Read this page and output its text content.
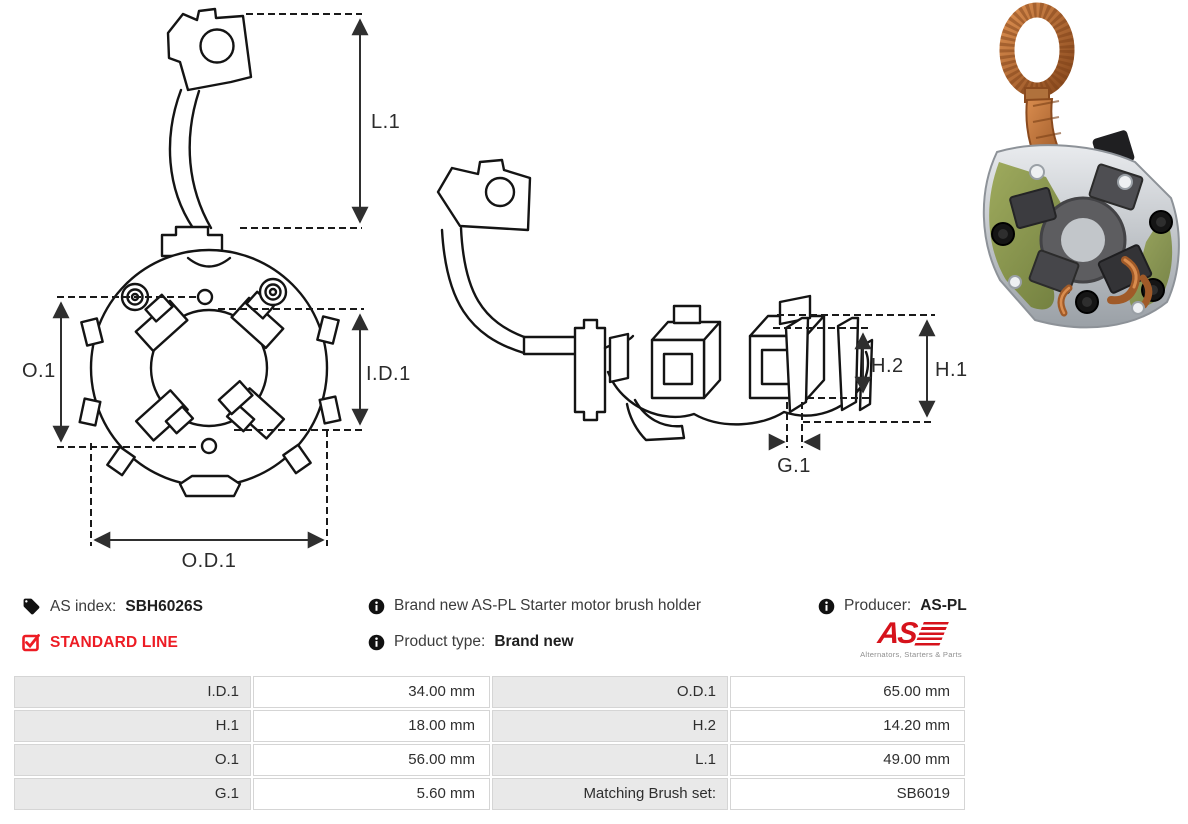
L.1
O.1	I.D.1
O.D.1
H.2 H.1
G.1
AS index: SBH6026S	Brand new AS-PL Starter motor brush holder	Producer: AS-PL
STANDARD LINE	Product type: Brand new	AS
Alternators, Starters & Parts
I.D.1	34.00 mm	O.D.1	65.00 mm
H.1	18.00 mm	H.2	14.20 mm
O.1	56.00 mm	L.1	49.00 mm
G.1	5.60 mm	Matching Brush set:	SB6019
